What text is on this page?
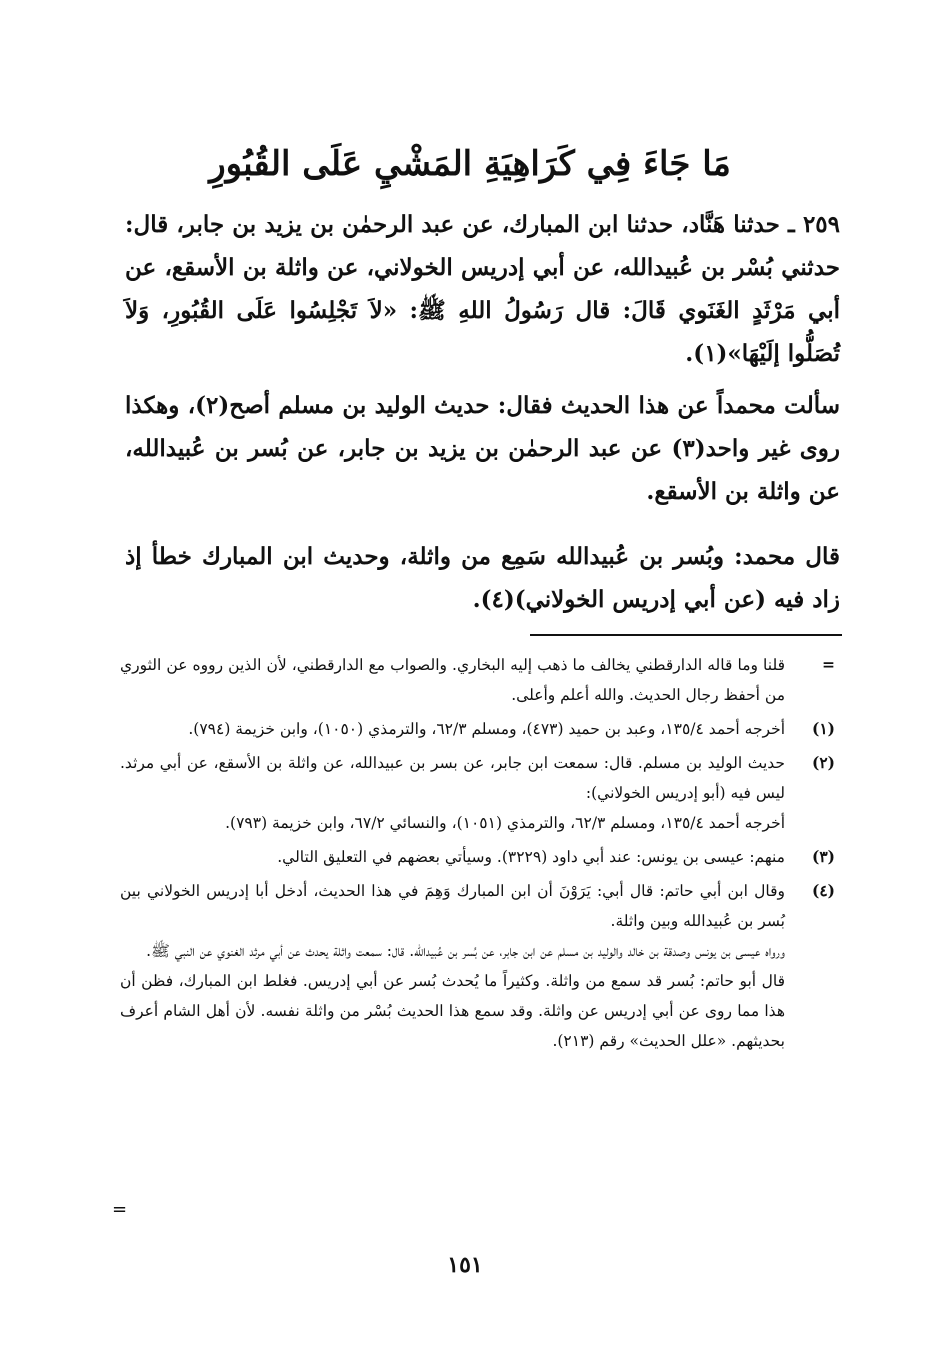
مَا جَاءَ فِي كَرَاهِيَةِ المَشْيِ عَلَى القُبُورِ

٢٥٩ ـ حدثنا هَنَّاد، حدثنا ابن المبارك، عن عبد الرحمٰن بن يزيد بن جابر، قال: حدثني بُسْر بن عُبيدالله، عن أبي إدريس الخولاني، عن واثلة بن الأسقع، عن أبي مَرْثَدٍ الغَنَوي قَالَ: قال رَسُولُ اللهِ ﷺ: «لاَ تَجْلِسُوا عَلَى القُبُورِ، وَلاَ تُصَلُّوا إلَيْهَا»(١).

سألت محمداً عن هذا الحديث فقال: حديث الوليد بن مسلم أصح(٢)، وهكذا روى غير واحد(٣) عن عبد الرحمٰن بن يزيد بن جابر، عن بُسر بن عُبيدالله، عن واثلة بن الأسقع.

قال محمد: وبُسر بن عُبيدالله سَمِع من واثلة، وحديث ابن المبارك خطأ إذ زاد فيه (عن أبي إدريس الخولاني)(٤).

=

قلنا وما قاله الدارقطني يخالف ما ذهب إليه البخاري. والصواب مع الدارقطني، لأن الذين رووه عن الثوري من أحفظ رجال الحديث. والله أعلم وأعلى.

(١)

أخرجه أحمد ١٣٥/٤، وعبد بن حميد (٤٧٣)، ومسلم ٦٢/٣، والترمذي (١٠٥٠)، وابن خزيمة (٧٩٤).

(٢)

حديث الوليد بن مسلم. قال: سمعت ابن جابر، عن بسر بن عبيدالله، عن واثلة بن الأسقع، عن أبي مرثد. ليس فيه (أبو إدريس الخولاني):

أخرجه أحمد ١٣٥/٤، ومسلم ٦٢/٣، والترمذي (١٠٥١)، والنسائي ٦٧/٢، وابن خزيمة (٧٩٣).

(٣)

منهم: عيسى بن يونس: عند أبي داود (٣٢٢٩). وسيأتي بعضهم في التعليق التالي.

(٤)

وقال ابن أبي حاتم: قال أبي: يَرَوْنَ أن ابن المبارك وَهِمَ في هذا الحديث، أدخل أبا إدريس الخولاني بين بُسر بن عُبيدالله وبين واثلة.

ورواه عيسى بن يونس وصدقة بن خالد والوليد بن مسلم عن ابن جابر، عن بُسر بن عُبيدالله. قال: سمعت واثلة يحدث عن أبي مرثد الغنوي عن النبي ﷺ.

قال أبو حاتم: بُسر قد سمع من واثلة. وكثيراً ما يُحدث بُسر عن أبي إدريس. فغلط ابن المبارك، فظن أن هذا مما روى عن أبي إدريس عن واثلة. وقد سمع هذا الحديث بُسْر من واثلة نفسه. لأن أهل الشام أعرف بحديثهم. «علل الحديث» رقم (٢١٣).

=
١٥١
